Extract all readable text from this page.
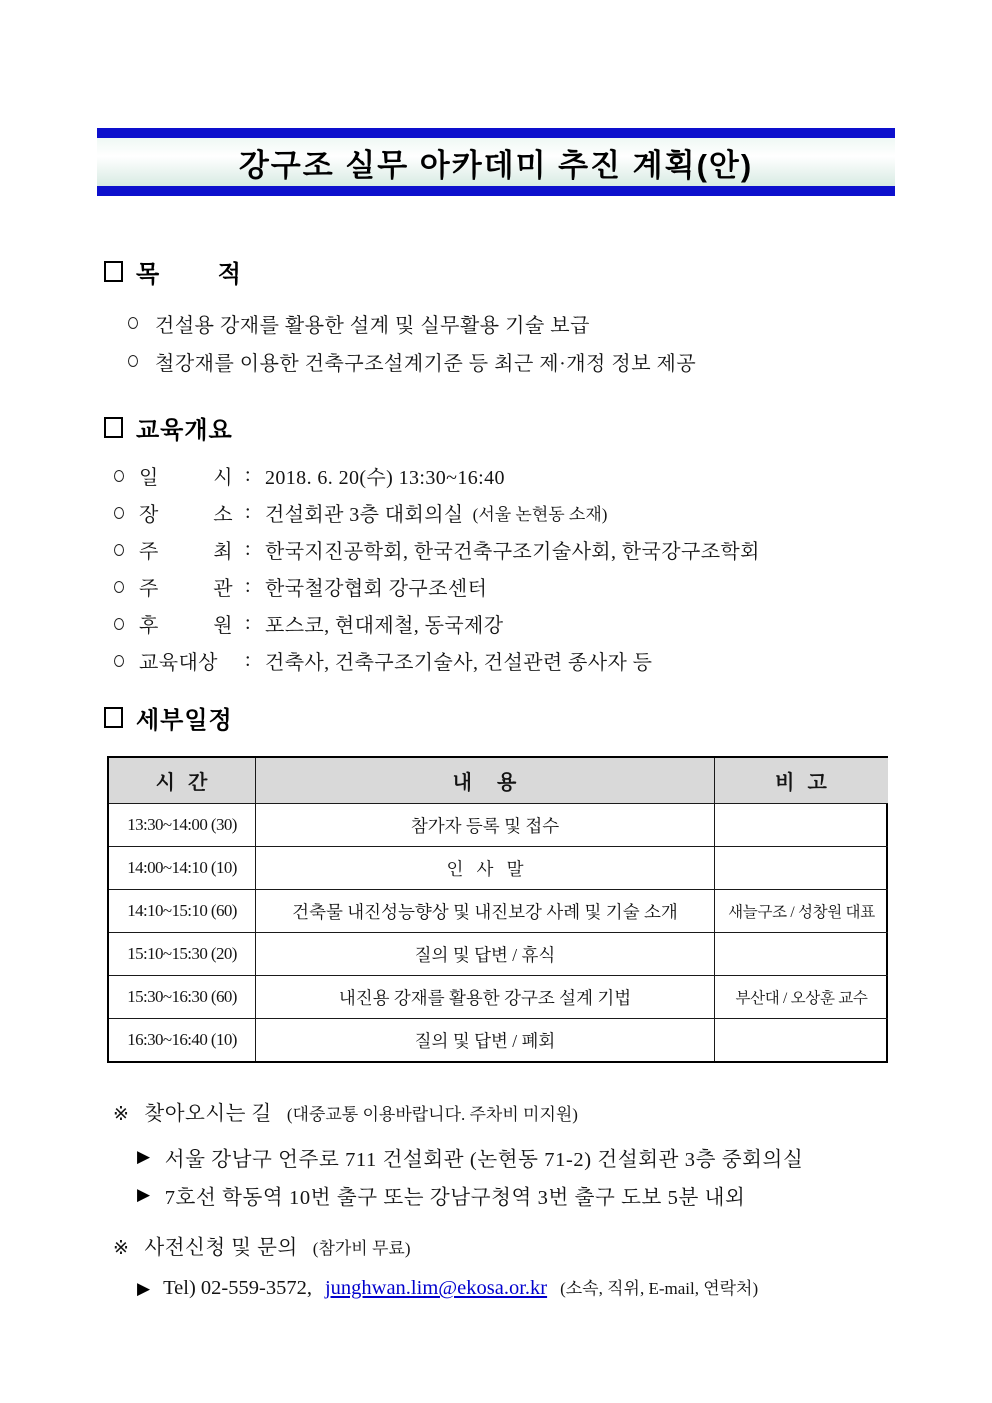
강구조 실무 아카데미 추진 계획(안)
목 적
건설용 강재를 활용한 설계 및 실무활용 기술 보급
철강재를 이용한 건축구조설계기준 등 최근 제·개정 정보 제공
교육개요
일 시 : 2018. 6. 20(수) 13:30~16:40
장 소 : 건설회관 3층 대회의실 (서울 논현동 소재)
주 최 : 한국지진공학회, 한국건축구조기술사회, 한국강구조학회
주 관 : 한국철강협회 강구조센터
후 원 : 포스코, 현대제철, 동국제강
교육대상	: 건축사, 건축구조기술사, 건설관련 종사자 등
세부일정
시  간	내    용	비  고
13:30~14:00 (30)	참가자 등록 및 접수
14:00~14:10 (10)	인   사   말
14:10~15:10 (60)	건축물 내진성능향상 및 내진보강 사례 및 기술 소개	새늘구조 / 성창원 대표
15:10~15:30 (20)	질의 및 답변 / 휴식
15:30~16:30 (60)	내진용 강재를 활용한 강구조 설계 기법	부산대 / 오상훈 교수
16:30~16:40 (10)	질의 및 답변 / 폐회
※ 찾아오시는 길 (대중교통 이용바랍니다. 주차비 미지원)
▶ 서울 강남구 언주로 711 건설회관 (논현동 71-2) 건설회관 3층 중회의실
▶ 7호선 학동역 10번 출구 또는 강남구청역 3번 출구 도보 5분 내외
※ 사전신청 및 문의 (참가비 무료)
▶ Tel) 02-559-3572, junghwan.lim@ekosa.or.kr (소속, 직위, E-mail, 연락처)
